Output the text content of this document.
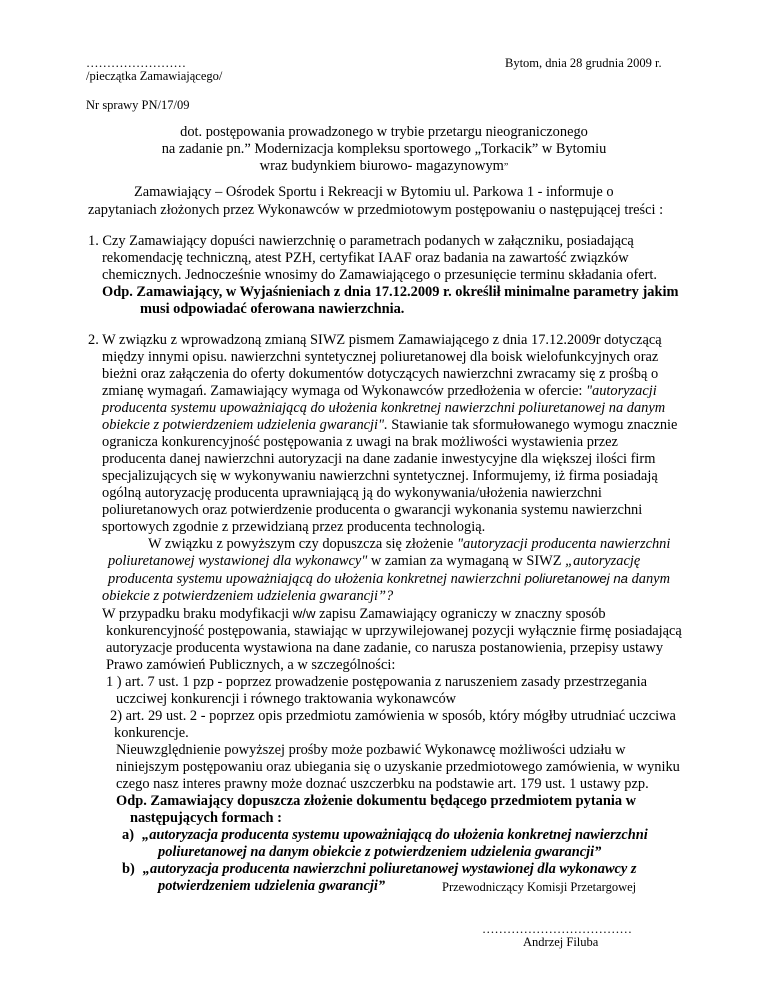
……………………

/pieczątka Zamawiającego/

Bytom, dnia 28 grudnia 2009 r.

Nr sprawy PN/17/09

dot. postępowania prowadzonego w trybie przetargu nieograniczonego

na zadanie pn.” Modernizacja kompleksu sportowego „Torkacik” w Bytomiu

wraz budynkiem biurowo- magazynowym”

Zamawiający – Ośrodek Sportu i Rekreacji w Bytomiu ul. Parkowa 1 - informuje o

zapytaniach złożonych przez Wykonawców w przedmiotowym postępowaniu o następującej treści :

1. Czy Zamawiający dopuści nawierzchnię o parametrach podanych w załączniku, posiadającą

rekomendację techniczną, atest PZH, certyfikat IAAF oraz badania na zawartość związków

chemicznych. Jednocześnie wnosimy do Zamawiającego o przesunięcie terminu składania ofert.

Odp. Zamawiający, w Wyjaśnieniach z dnia 17.12.2009 r. określił minimalne parametry jakim

musi odpowiadać oferowana nawierzchnia.

2. W związku z wprowadzoną zmianą SIWZ pismem Zamawiającego z dnia 17.12.2009r dotyczącą

między innymi opisu. nawierzchni syntetycznej poliuretanowej dla boisk wielofunkcyjnych oraz

bieżni oraz załączenia do oferty dokumentów dotyczących nawierzchni zwracamy się z prośbą o

zmianę wymagań. Zamawiający wymaga od Wykonawców przedłożenia w ofercie: "autoryzacji

producenta systemu upoważniającą do ułożenia konkretnej nawierzchni poliuretanowej na danym

obiekcie z potwierdzeniem udzielenia gwarancji". Stawianie tak sformułowanego wymogu znacznie

ogranicza konkurencyjność postępowania z uwagi na brak możliwości wystawienia przez

producenta danej nawierzchni autoryzacji na dane zadanie inwestycyjne dla większej ilości firm

specjalizujących się w wykonywaniu nawierzchni syntetycznej. Informujemy, iż firma posiadają

ogólną autoryzację producenta uprawniającą ją do wykonywania/ułożenia nawierzchni

poliuretanowych oraz potwierdzenie producenta o gwarancji wykonania systemu nawierzchni

sportowych zgodnie z przewidzianą przez producenta technologią.

W związku z powyższym czy dopuszcza się złożenie "autoryzacji producenta nawierzchni

poliuretanowej wystawionej dla wykonawcy" w zamian za wymaganą w SIWZ „autoryzację

producenta systemu upoważniającą do ułożenia konkretnej nawierzchni poliuretanowej na danym

obiekcie z potwierdzeniem udzielenia gwarancji”?

W przypadku braku modyfikacji w/w zapisu Zamawiający ograniczy w znaczny sposób

konkurencyjność postępowania, stawiając w uprzywilejowanej pozycji wyłącznie firmę posiadającą

autoryzacje producenta wystawiona na dane zadanie, co narusza postanowienia, przepisy ustawy

Prawo zamówień Publicznych, a w szczególności:

1 ) art. 7 ust. 1 pzp - poprzez prowadzenie postępowania z naruszeniem zasady przestrzegania

uczciwej konkurencji i równego traktowania wykonawców

2) art. 29 ust. 2 - poprzez opis przedmiotu zamówienia w sposób, który mógłby utrudniać uczciwa

konkurencje.

Nieuwzględnienie powyższej prośby może pozbawić Wykonawcę możliwości udziału w

niniejszym postępowaniu oraz ubiegania się o uzyskanie przedmiotowego zamówienia, w wyniku

czego nasz interes prawny może doznać uszczerbku na podstawie art. 179 ust. 1 ustawy pzp.

Odp. Zamawiający dopuszcza złożenie dokumentu będącego przedmiotem pytania w

następujących formach :

a) „autoryzacja producenta systemu upoważniającą do ułożenia konkretnej nawierzchni

poliuretanowej na danym obiekcie z potwierdzeniem udzielenia gwarancji”

b) „autoryzacja producenta nawierzchni poliuretanowej wystawionej dla wykonawcy z

potwierdzeniem udzielenia gwarancji”	Przewodniczący Komisji Przetargowej

………………………………

Andrzej Filuba
